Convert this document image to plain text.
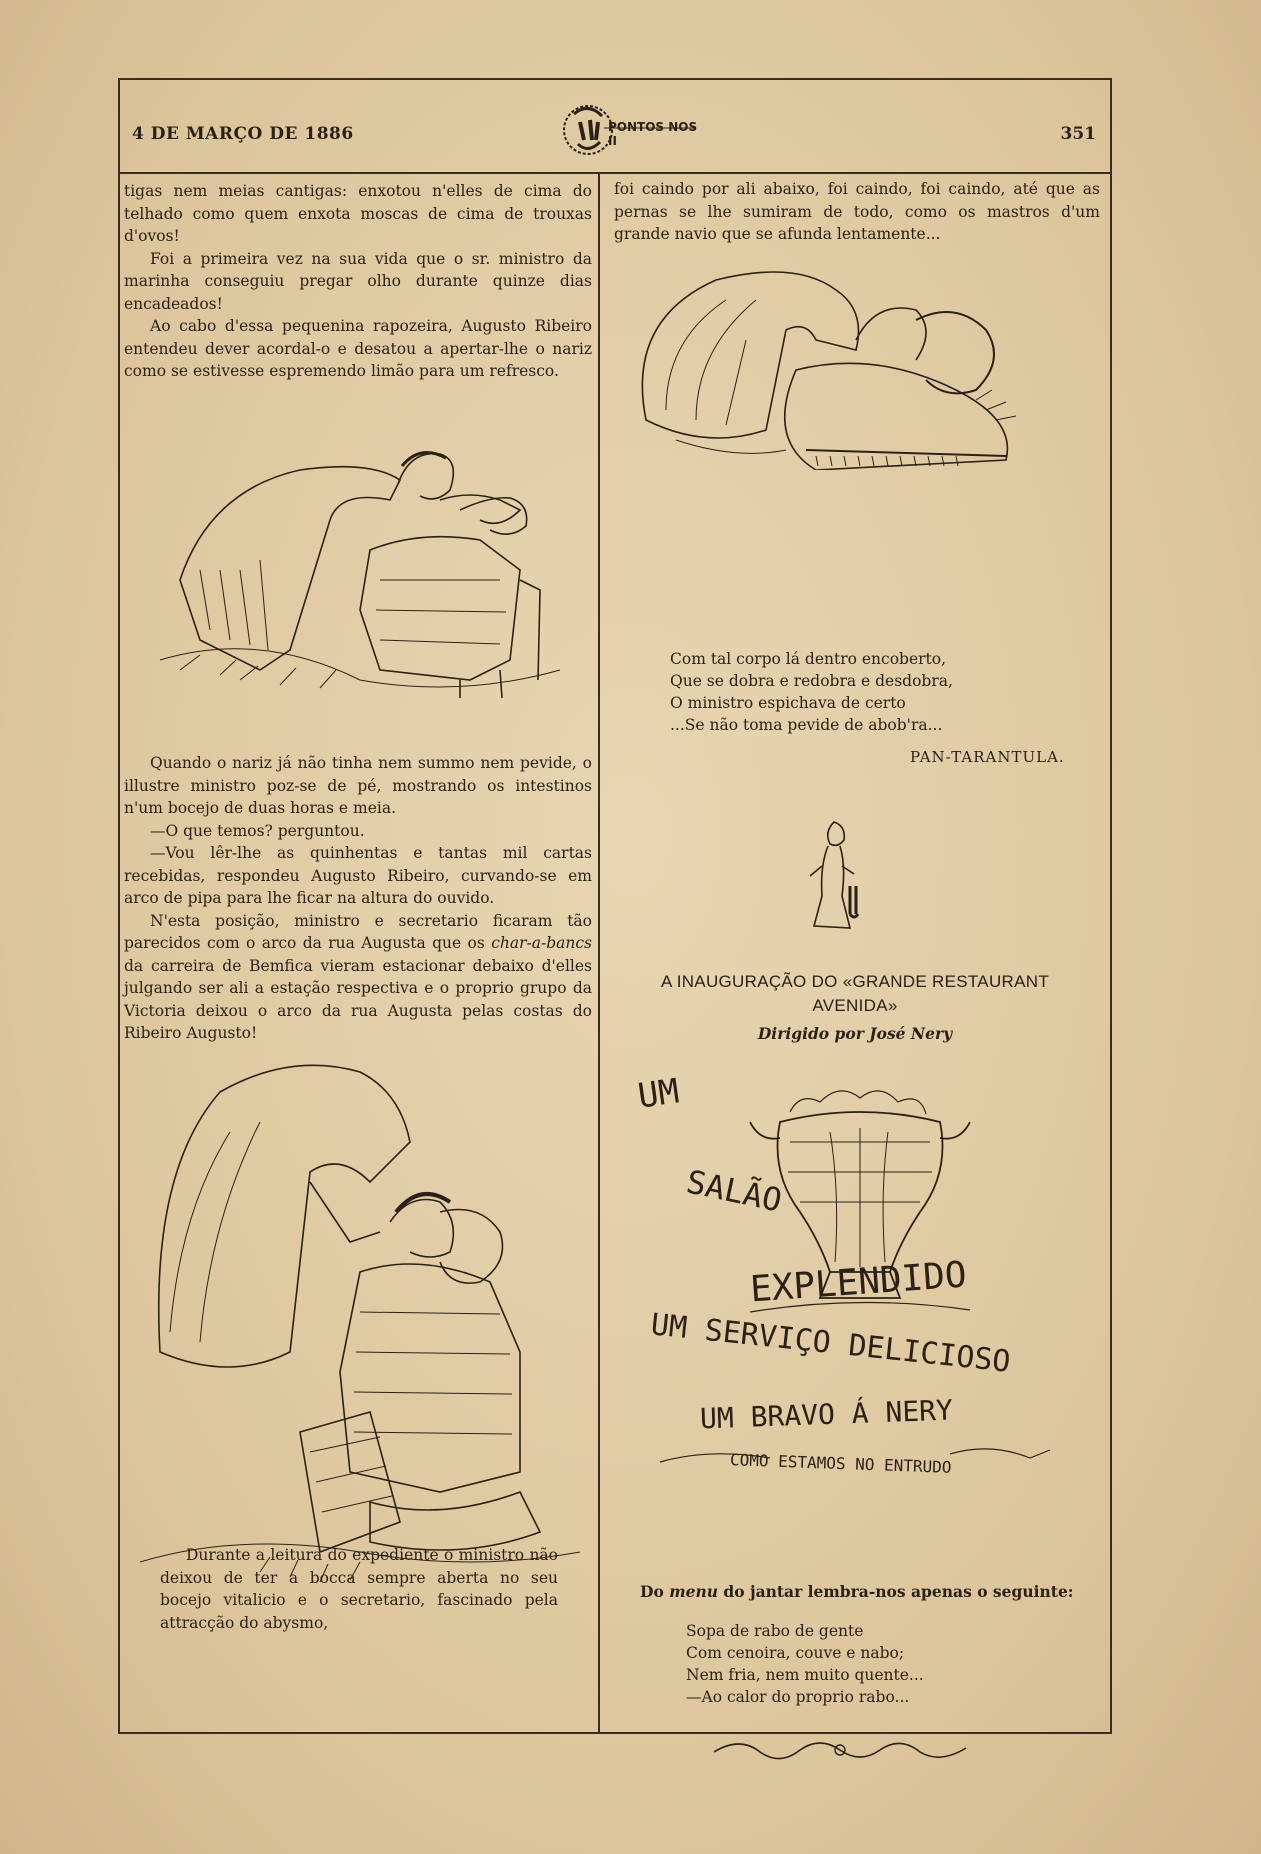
4 DE MARÇO DE 1886	PONTOS NOS II	351

tigas nem meias cantigas: enxotou n'elles de cima do telhado como quem enxota moscas de cima de trouxas d'ovos!

Foi a primeira vez na sua vida que o sr. ministro da marinha conseguiu pregar olho durante quinze dias encadeados!

Ao cabo d'essa pequenina rapozeira, Augusto Ribeiro entendeu dever acordal-o e desatou a apertar-lhe o nariz como se estivesse espremendo limão para um refresco.

Quando o nariz já não tinha nem summo nem pevide, o illustre ministro poz-se de pé, mostrando os intestinos n'um bocejo de duas horas e meia.

—O que temos? perguntou.

—Vou lêr-lhe as quinhentas e tantas mil cartas recebidas, respondeu Augusto Ribeiro, curvando-se em arco de pipa para lhe ficar na altura do ouvido.

N'esta posição, ministro e secretario ficaram tão parecidos com o arco da rua Augusta que os char-a-bancs da carreira de Bemfica vieram estacionar debaixo d'elles julgando ser ali a estação respectiva e o proprio grupo da Victoria deixou o arco da rua Augusta pelas costas do Ribeiro Augusto!

Durante a leitura do expediente o ministro não deixou de ter a bocca sempre aberta no seu bocejo vitalicio e o secretario, fascinado pela attracção do abysmo,

foi caindo por ali abaixo, foi caindo, foi caindo, até que as pernas se lhe sumiram de todo, como os mastros d'um grande navio que se afunda lentamente...

Com tal corpo lá dentro encoberto,
Que se dobra e redobra e desdobra,
O ministro espichava de certo
...Se não toma pevide de abob'ra...
PAN-TARANTULA.
A INAUGURAÇÃO DO «GRANDE RESTAURANT
AVENIDA»
Dirigido por José Nery
UM
SALÃO
EXPLENDIDO
UM SERVIÇO DELICIOSO
UM BRAVO Á NERY
COMO ESTAMOS NO ENTRUDO
Do menu do jantar lembra-nos apenas o seguinte:
Sopa de rabo de gente
Com cenoira, couve e nabo;
Nem fria, nem muito quente...
—Ao calor do proprio rabo...
